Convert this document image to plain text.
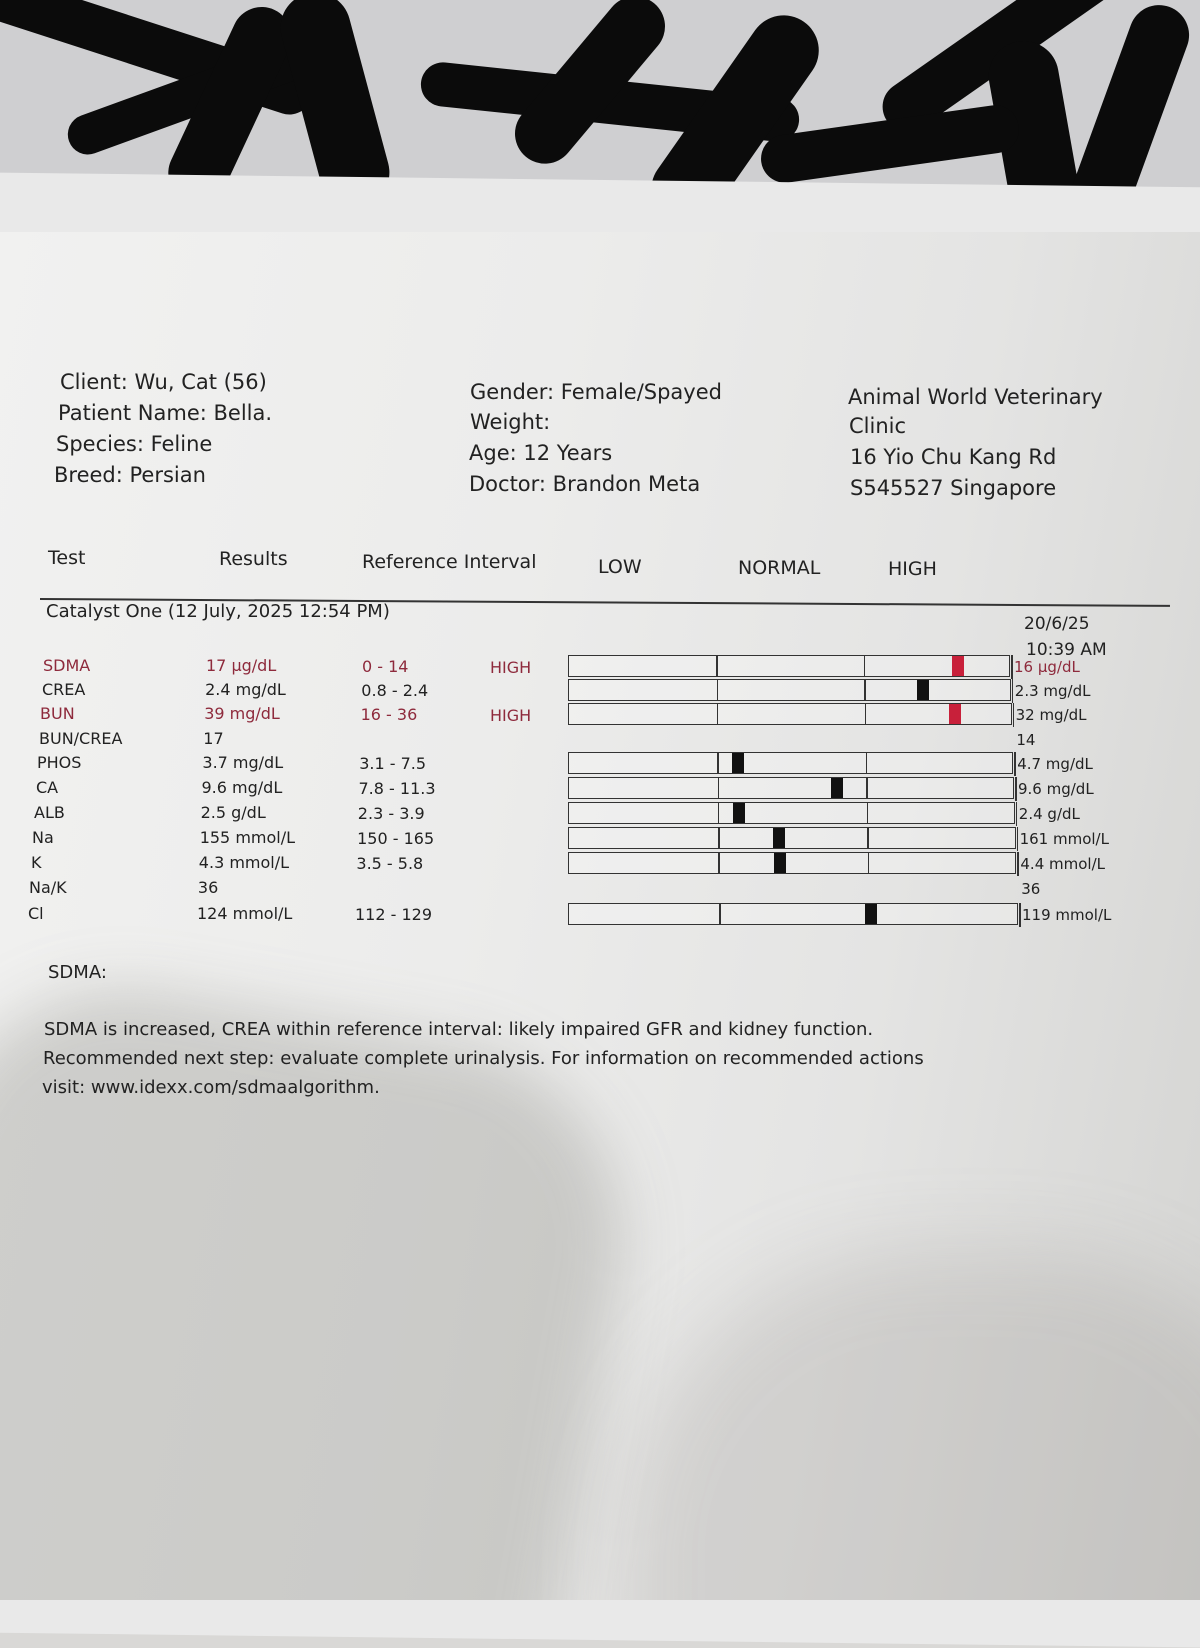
Client: Wu, Cat (56)
Patient Name: Bella.
Species: Feline
Breed: Persian
Gender: Female/Spayed
Weight:
Age: 12 Years
Doctor: Brandon Meta
Animal World Veterinary
Clinic
16 Yio Chu Kang Rd
S545527 Singapore
Test	Results	Reference Interval	LOW	NORMAL	HIGH
Catalyst One (12 July, 2025 12:54 PM)
20/6/25
10:39 AM
SDMA	17 µg/dL	0 - 14	HIGH	16 µg/dL
CREA	2.4 mg/dL	0.8 - 2.4	2.3 mg/dL
BUN	39 mg/dL	16 - 36	HIGH	32 mg/dL
BUN/CREA	17	14
PHOS	3.7 mg/dL	3.1 - 7.5	4.7 mg/dL
CA	9.6 mg/dL	7.8 - 11.3	9.6 mg/dL
ALB	2.5 g/dL	2.3 - 3.9	2.4 g/dL
Na	155 mmol/L	150 - 165	161 mmol/L
K	4.3 mmol/L	3.5 - 5.8	4.4 mmol/L
Na/K	36	36
Cl	124 mmol/L	112 - 129	119 mmol/L
SDMA:
SDMA is increased, CREA within reference interval: likely impaired GFR and kidney function.
Recommended next step: evaluate complete urinalysis. For information on recommended actions
visit: www.idexx.com/sdmaalgorithm.
